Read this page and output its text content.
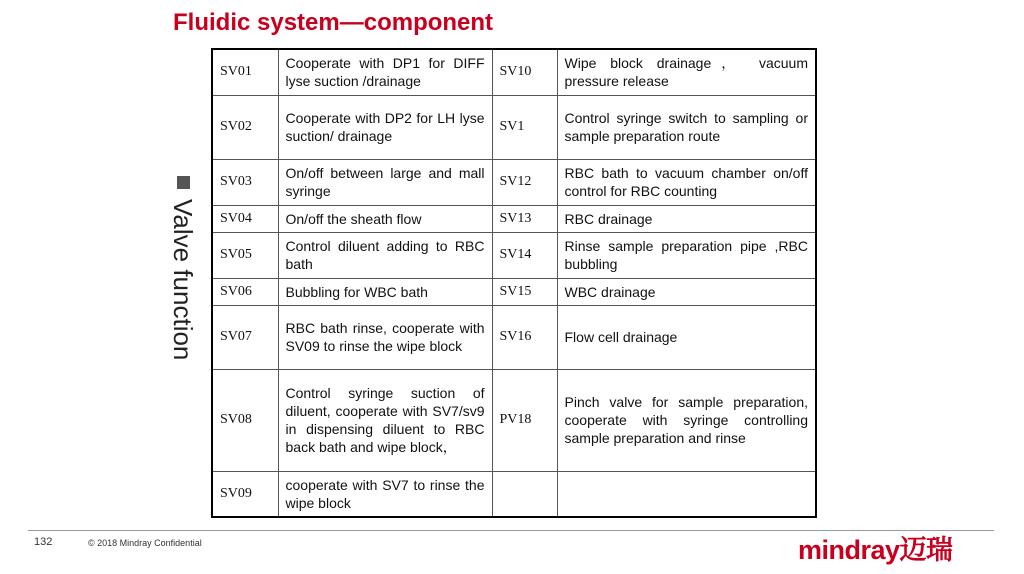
Fluidic system—component
Valve function
SV01	Cooperate with DP1 for DIFF lyse suction /drainage	SV10	Wipe block drainage， vacuum pressure release
SV02	Cooperate with DP2 for LH lyse suction/ drainage	SV1	Control syringe switch to sampling or sample preparation route
SV03	On/off between large and mall syringe	SV12	RBC bath to vacuum chamber on/off control for RBC counting
SV04	On/off the sheath flow	SV13	RBC drainage
SV05	Control diluent adding to RBC bath	SV14	Rinse sample preparation pipe ,RBC bubbling
SV06	Bubbling for WBC bath	SV15	WBC drainage
SV07	RBC bath rinse, cooperate with SV09 to rinse the wipe block	SV16	Flow cell drainage
SV08	Control syringe suction of diluent, cooperate with SV7/sv9 in dispensing diluent to RBC back bath and wipe block，	PV18	Pinch valve for sample preparation, cooperate with syringe controlling sample preparation and rinse
SV09	cooperate with SV7 to rinse the wipe block		
132	© 2018 Mindray Confidential	mindray迈瑞
